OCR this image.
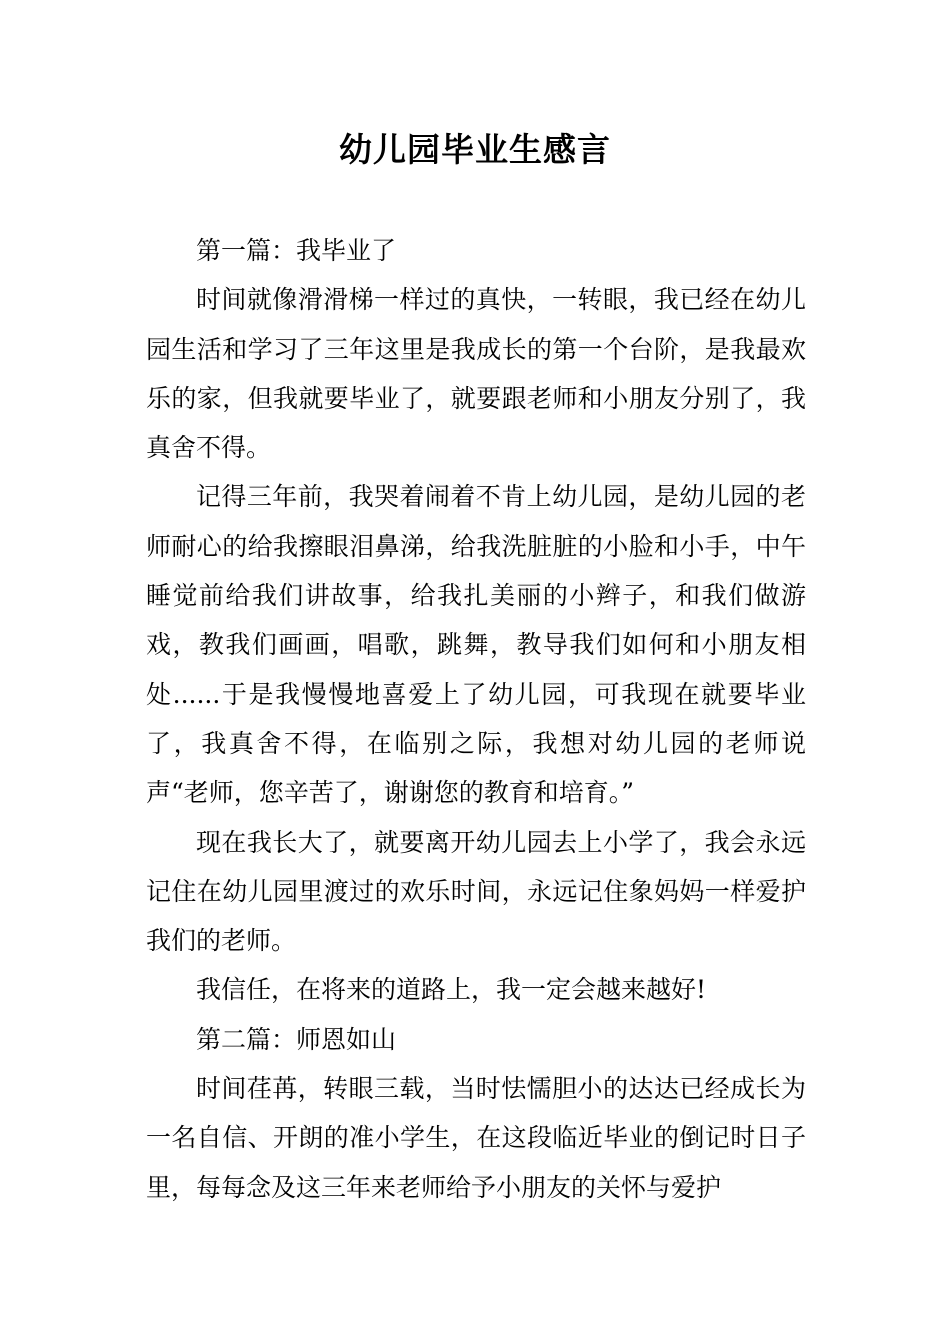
幼儿园毕业生感言

第一篇：我毕业了

时间就像滑滑梯一样过的真快，一转眼，我已经在幼儿园生活和学习了三年这里是我成长的第一个台阶，是我最欢乐的家，但我就要毕业了，就要跟老师和小朋友分别了，我真舍不得。

记得三年前，我哭着闹着不肯上幼儿园，是幼儿园的老师耐心的给我擦眼泪鼻涕，给我洗脏脏的小脸和小手，中午睡觉前给我们讲故事，给我扎美丽的小辫子，和我们做游戏，教我们画画，唱歌，跳舞，教导我们如何和小朋友相处......于是我慢慢地喜爱上了幼儿园，可我现在就要毕业了，我真舍不得，在临别之际，我想对幼儿园的老师说声“老师，您辛苦了，谢谢您的教育和培育。”

现在我长大了，就要离开幼儿园去上小学了，我会永远记住在幼儿园里渡过的欢乐时间，永远记住象妈妈一样爱护我们的老师。

我信任，在将来的道路上，我一定会越来越好!

第二篇：师恩如山

时间荏苒，转眼三载，当时怯懦胆小的达达已经成长为一名自信、开朗的准小学生，在这段临近毕业的倒记时日子里，每每念及这三年来老师给予小朋友的关怀与爱护
